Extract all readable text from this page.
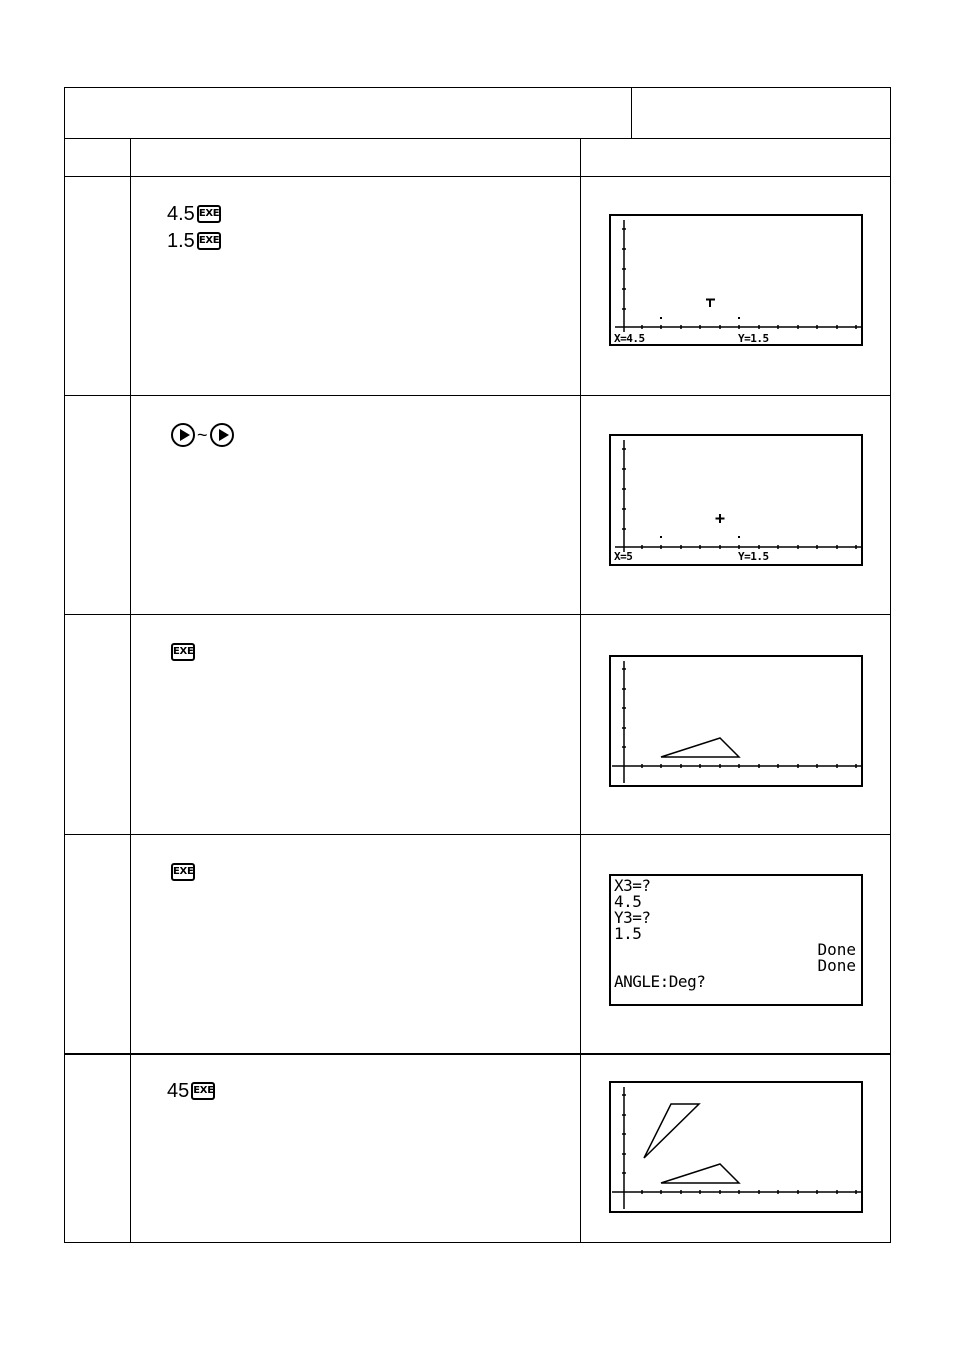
4.5 EXE
1.5 EXE
~
EXE
EXE
45 EXE
X=4.5	Y=1.5
X=5	Y=1.5
X3=?
4.5
Y3=?
1.5
Done
Done
ANGLE:Deg?
